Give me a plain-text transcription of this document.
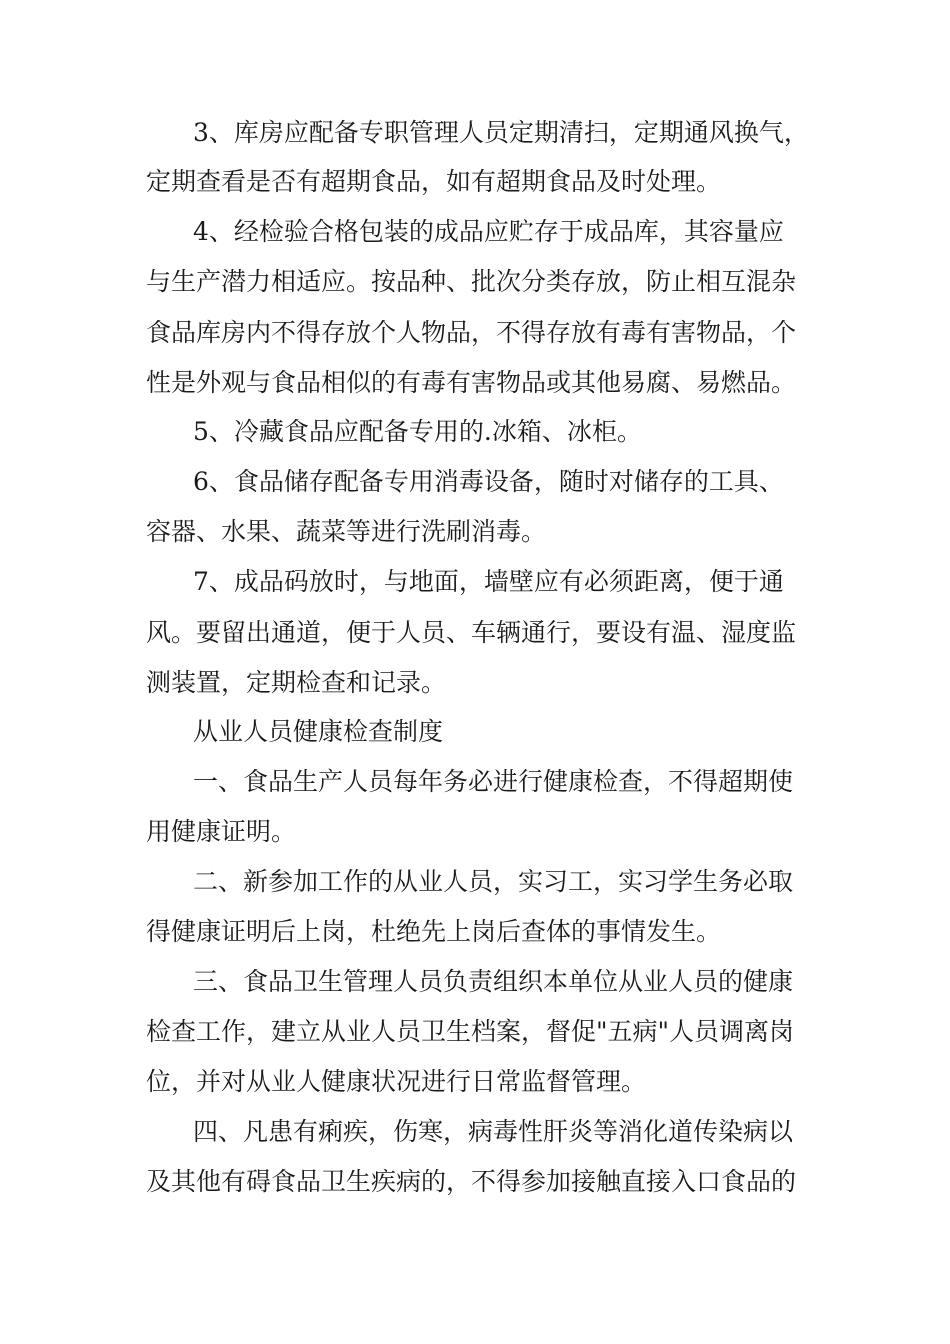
3、库房应配备专职管理人员定期清扫，定期通风换气，

定期查看是否有超期食品，如有超期食品及时处理。

4、经检验合格包装的成品应贮存于成品库，其容量应

与生产潜力相适应。按品种、批次分类存放，防止相互混杂

食品库房内不得存放个人物品，不得存放有毒有害物品，个

性是外观与食品相似的有毒有害物品或其他易腐、易燃品。

5、冷藏食品应配备专用的.冰箱、冰柜。

6、食品储存配备专用消毒设备，随时对储存的工具、

容器、水果、蔬菜等进行洗刷消毒。

7、成品码放时，与地面，墙壁应有必须距离，便于通

风。要留出通道，便于人员、车辆通行，要设有温、湿度监

测装置，定期检查和记录。

从业人员健康检查制度

一、食品生产人员每年务必进行健康检查，不得超期使

用健康证明。

二、新参加工作的从业人员，实习工，实习学生务必取

得健康证明后上岗，杜绝先上岗后查体的事情发生。

三、食品卫生管理人员负责组织本单位从业人员的健康

检查工作，建立从业人员卫生档案，督促"五病"人员调离岗

位，并对从业人健康状况进行日常监督管理。

四、凡患有痢疾，伤寒，病毒性肝炎等消化道传染病以

及其他有碍食品卫生疾病的，不得参加接触直接入口食品的
